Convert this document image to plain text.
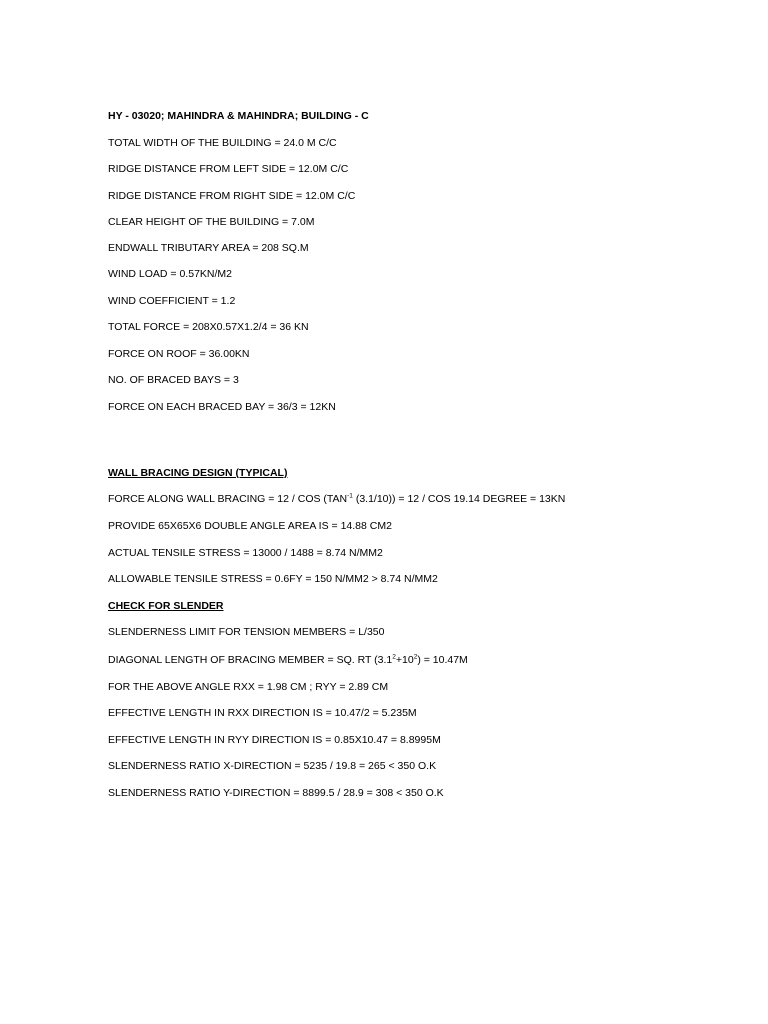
HY - 03020; MAHINDRA & MAHINDRA; BUILDING - C
TOTAL WIDTH OF THE BUILDING = 24.0 M C/C
RIDGE DISTANCE FROM LEFT SIDE = 12.0M C/C
RIDGE DISTANCE FROM RIGHT SIDE = 12.0M C/C
CLEAR HEIGHT OF THE BUILDING = 7.0M
ENDWALL TRIBUTARY AREA = 208 SQ.M
WIND LOAD = 0.57KN/M2
WIND COEFFICIENT = 1.2
TOTAL FORCE = 208X0.57X1.2/4 = 36 KN
FORCE ON ROOF = 36.00KN
NO. OF BRACED BAYS = 3
FORCE ON EACH BRACED BAY = 36/3 = 12KN
WALL BRACING DESIGN (TYPICAL)
FORCE ALONG WALL BRACING = 12 / COS ($TAN^{-1}$ (3.1/10)) = 12 / COS 19.14 DEGREE = 13KN
PROVIDE 65X65X6 DOUBLE ANGLE AREA IS = 14.88 CM2
ACTUAL TENSILE STRESS = 13000 / 1488 = 8.74 N/MM2
ALLOWABLE TENSILE STRESS = 0.6FY = 150 N/MM2 > 8.74 N/MM2
CHECK FOR SLENDER
SLENDERNESS LIMIT FOR TENSION MEMBERS = L/350
DIAGONAL LENGTH OF BRACING MEMBER = SQ. RT $(3.1^2+10^2) = 10.47M$
FOR THE ABOVE ANGLE RXX = 1.98 CM ; RYY = 2.89 CM
EFFECTIVE LENGTH IN RXX DIRECTION IS = 10.47/2 = 5.235M
EFFECTIVE LENGTH IN RYY DIRECTION IS = 0.85X10.47 = 8.8995M
SLENDERNESS RATIO X-DIRECTION = 5235 / 19.8 = 265 < 350 O.K
SLENDERNESS RATIO Y-DIRECTION = 8899.5 / 28.9 = 308 < 350 O.K
